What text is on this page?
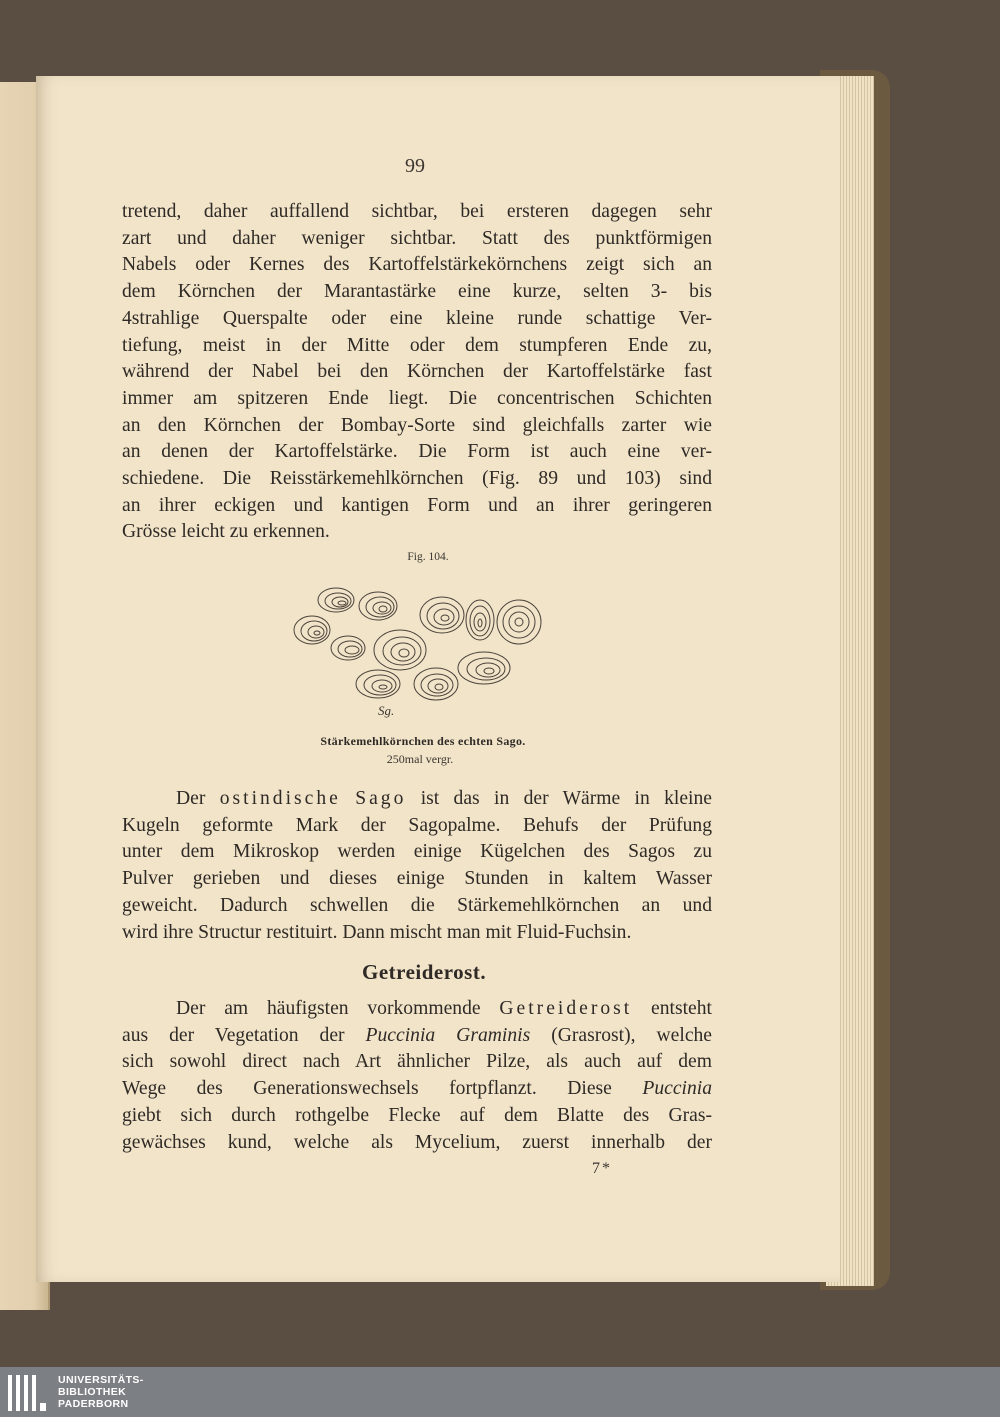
99
tretend, daher auffallend sichtbar, bei ersteren dagegen sehr
zart und daher weniger sichtbar. Statt des punktförmigen
Nabels oder Kernes des Kartoffelstärkekörnchens zeigt sich an
dem Körnchen der Marantastärke eine kurze, selten 3- bis
4strahlige Querspalte oder eine kleine runde schattige Ver-
tiefung, meist in der Mitte oder dem stumpferen Ende zu,
während der Nabel bei den Körnchen der Kartoffelstärke fast
immer am spitzeren Ende liegt. Die concentrischen Schichten
an den Körnchen der Bombay-Sorte sind gleichfalls zarter wie
an denen der Kartoffelstärke. Die Form ist auch eine ver-
schiedene. Die Reisstärkemehlkörnchen (Fig. 89 und 103) sind
an ihrer eckigen und kantigen Form und an ihrer geringeren
Grösse leicht zu erkennen.
Fig. 104.
Sg.
Stärkemehlkörnchen des echten Sago.
250mal vergr.
Der ostindische Sago ist das in der Wärme in kleine
Kugeln geformte Mark der Sagopalme. Behufs der Prüfung
unter dem Mikroskop werden einige Kügelchen des Sagos zu
Pulver gerieben und dieses einige Stunden in kaltem Wasser
geweicht. Dadurch schwellen die Stärkemehlkörnchen an und
wird ihre Structur restituirt. Dann mischt man mit Fluid-Fuchsin.
Getreiderost.
Der am häufigsten vorkommende Getreiderost entsteht
aus der Vegetation der Puccinia Graminis (Grasrost), welche
sich sowohl direct nach Art ähnlicher Pilze, als auch auf dem
Wege des Generationswechsels fortpflanzt. Diese Puccinia
giebt sich durch rothgelbe Flecke auf dem Blatte des Gras-
gewächses kund, welche als Mycelium, zuerst innerhalb der
7*
UNIVERSITÄTS-
BIBLIOTHEK
PADERBORN
